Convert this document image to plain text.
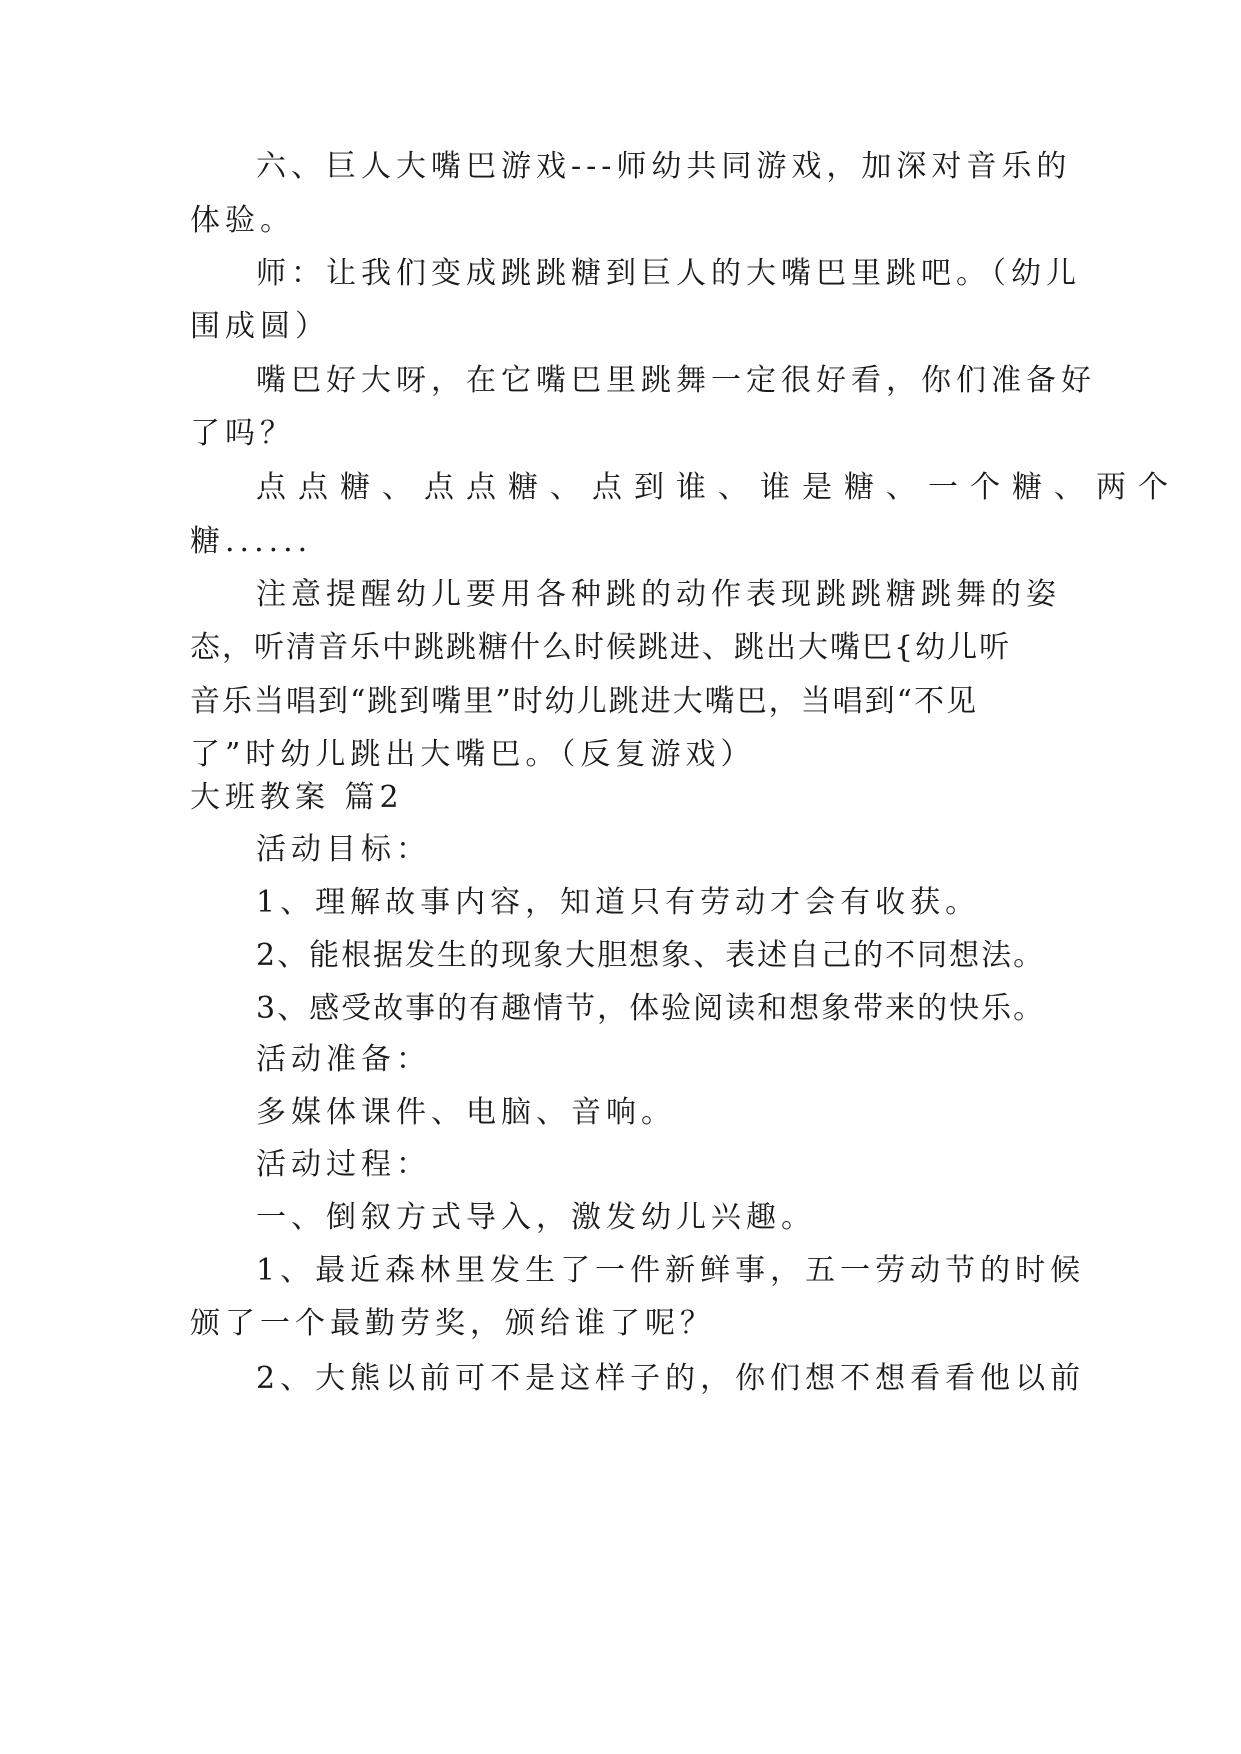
六、巨人大嘴巴游戏---师幼共同游戏，加深对音乐的
体验。
师：让我们变成跳跳糖到巨人的大嘴巴里跳吧。（幼儿
围成圆）
嘴巴好大呀，在它嘴巴里跳舞一定很好看，你们准备好
了吗？
点点糖、点点糖、点到谁、谁是糖、一个糖、两个
糖......
注意提醒幼儿要用各种跳的动作表现跳跳糖跳舞的姿
态，听清音乐中跳跳糖什么时候跳进、跳出大嘴巴{幼儿听
音乐当唱到“跳到嘴里”时幼儿跳进大嘴巴，当唱到“不见
了”时幼儿跳出大嘴巴。（反复游戏）
大班教案 篇2
活动目标：
1、理解故事内容，知道只有劳动才会有收获。
2、能根据发生的现象大胆想象、表述自己的不同想法。
3、感受故事的有趣情节，体验阅读和想象带来的快乐。
活动准备：
多媒体课件、电脑、音响。
活动过程：
一、倒叙方式导入，激发幼儿兴趣。
1、最近森林里发生了一件新鲜事，五一劳动节的时候
颁了一个最勤劳奖，颁给谁了呢？
2、大熊以前可不是这样子的，你们想不想看看他以前
